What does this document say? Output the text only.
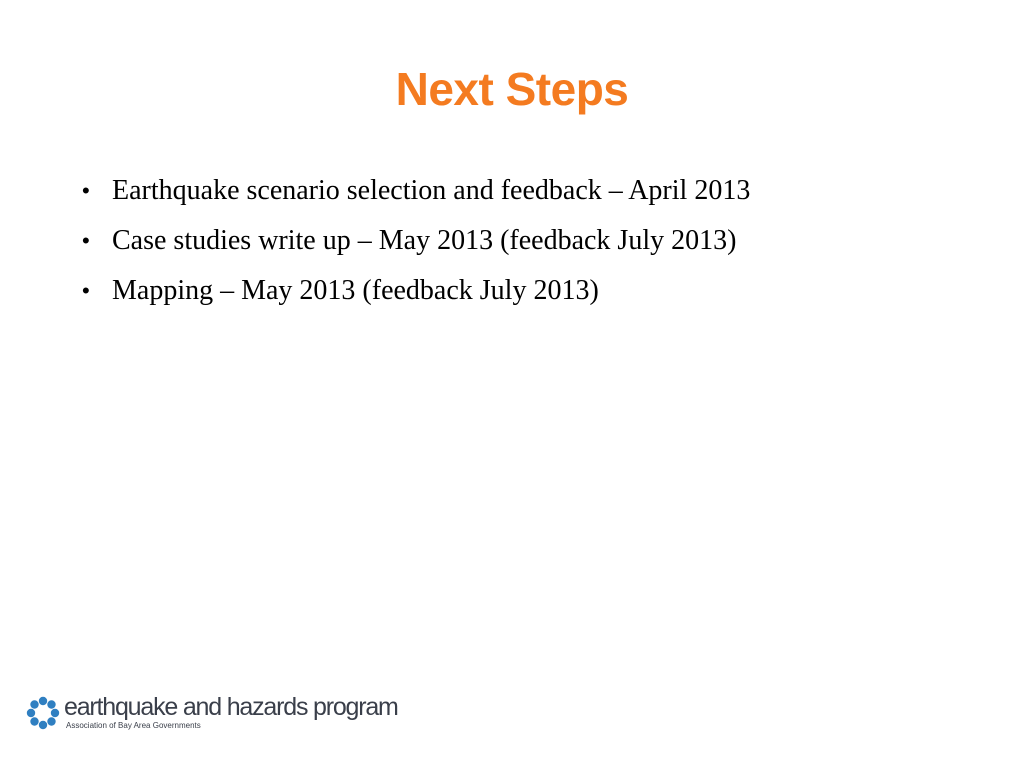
Next Steps
• Earthquake scenario selection and feedback – April 2013
• Case studies write up – May 2013 (feedback July 2013)
• Mapping – May 2013 (feedback July 2013)
earthquake and hazards program
Association of Bay Area Governments
